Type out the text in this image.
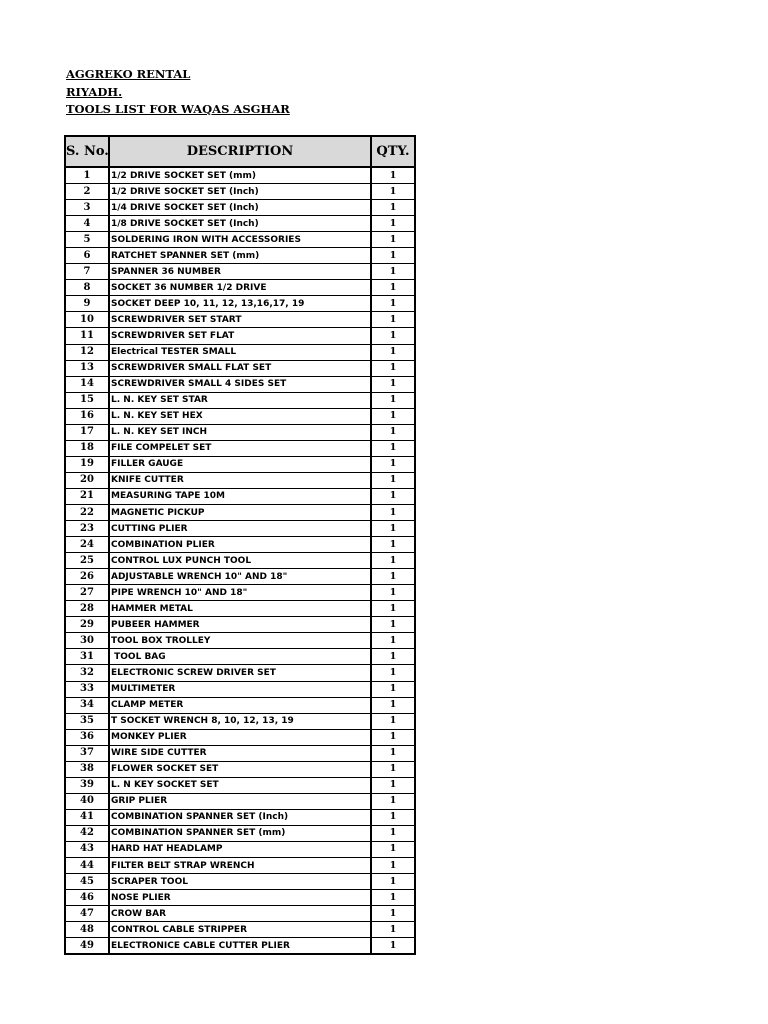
AGGREKO RENTAL
RIYADH.
TOOLS LIST FOR WAQAS ASGHAR
S. No.	DESCRIPTION	QTY.
1	1/2 DRIVE SOCKET SET (mm)	1
2	1/2 DRIVE SOCKET SET (Inch)	1
3	1/4 DRIVE SOCKET SET (Inch)	1
4	1/8 DRIVE SOCKET SET (Inch)	1
5	SOLDERING IRON WITH ACCESSORIES	1
6	RATCHET SPANNER SET (mm)	1
7	SPANNER 36 NUMBER	1
8	SOCKET 36 NUMBER 1/2 DRIVE	1
9	SOCKET DEEP 10, 11, 12, 13,16,17, 19	1
10	SCREWDRIVER SET START	1
11	SCREWDRIVER SET FLAT	1
12	Electrical TESTER SMALL	1
13	SCREWDRIVER SMALL FLAT SET	1
14	SCREWDRIVER SMALL 4 SIDES SET	1
15	L. N. KEY SET STAR	1
16	L. N. KEY SET HEX	1
17	L. N. KEY SET INCH	1
18	FILE COMPELET SET	1
19	FILLER GAUGE	1
20	KNIFE CUTTER	1
21	MEASURING TAPE 10M	1
22	MAGNETIC PICKUP	1
23	CUTTING PLIER	1
24	COMBINATION PLIER	1
25	CONTROL LUX PUNCH TOOL	1
26	ADJUSTABLE WRENCH 10" AND 18"	1
27	PIPE WRENCH 10" AND 18"	1
28	HAMMER METAL	1
29	PUBEER HAMMER	1
30	TOOL BOX TROLLEY	1
31	TOOL BAG	1
32	ELECTRONIC SCREW DRIVER SET	1
33	MULTIMETER	1
34	CLAMP METER	1
35	T SOCKET WRENCH 8, 10, 12, 13, 19	1
36	MONKEY PLIER	1
37	WIRE SIDE CUTTER	1
38	FLOWER SOCKET SET	1
39	L. N KEY SOCKET SET	1
40	GRIP PLIER	1
41	COMBINATION SPANNER SET (Inch)	1
42	COMBINATION SPANNER SET (mm)	1
43	HARD HAT HEADLAMP	1
44	FILTER BELT STRAP WRENCH	1
45	SCRAPER TOOL	1
46	NOSE PLIER	1
47	CROW BAR	1
48	CONTROL CABLE STRIPPER	1
49	ELECTRONICE CABLE CUTTER PLIER	1
